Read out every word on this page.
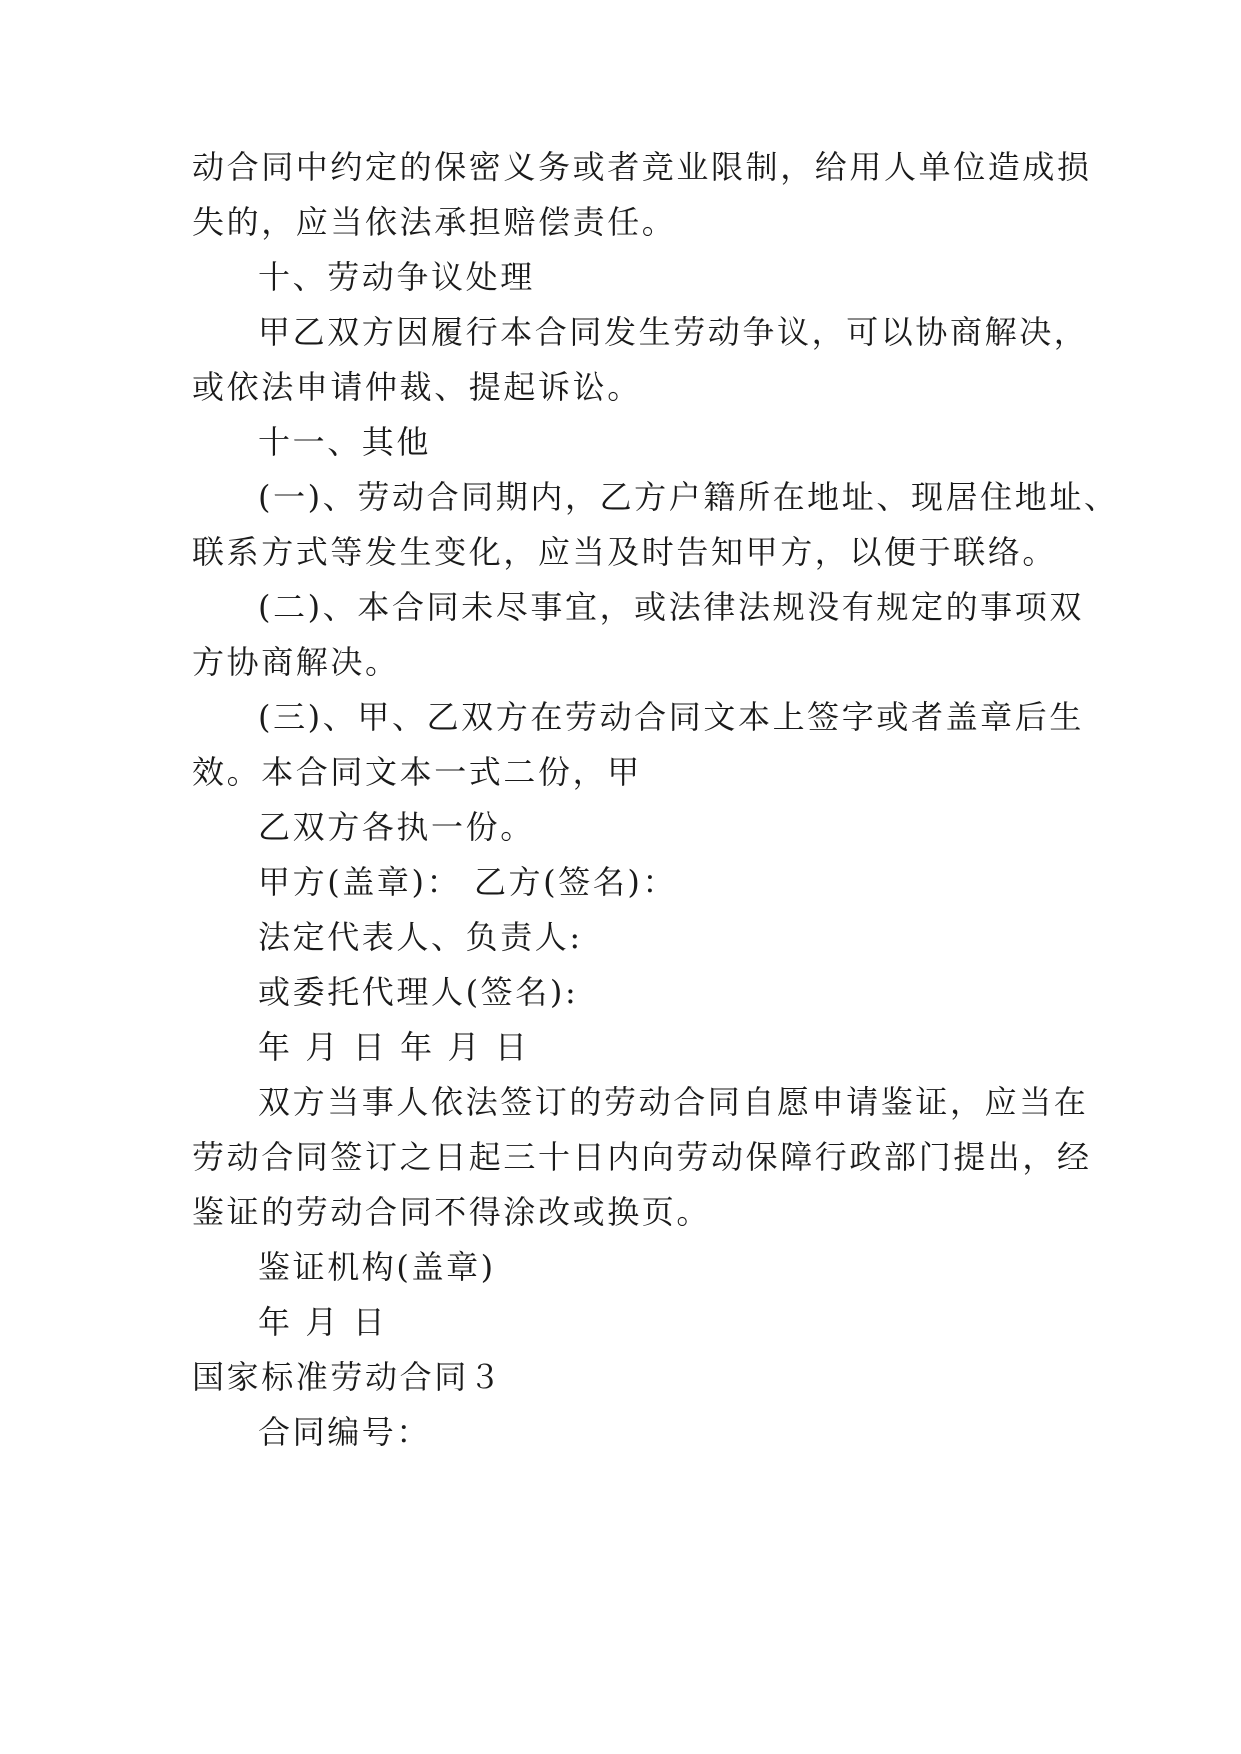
动合同中约定的保密义务或者竞业限制，给用人单位造成损
失的，应当依法承担赔偿责任。
十、劳动争议处理
甲乙双方因履行本合同发生劳动争议，可以协商解决，
或依法申请仲裁、提起诉讼。
十一、其他
(一)、劳动合同期内，乙方户籍所在地址、现居住地址、
联系方式等发生变化，应当及时告知甲方，以便于联络。
(二)、本合同未尽事宜，或法律法规没有规定的事项双
方协商解决。
(三)、甲、乙双方在劳动合同文本上签字或者盖章后生
效。本合同文本一式二份，甲
乙双方各执一份。
甲方(盖章)： 乙方(签名)：
法定代表人、负责人:
或委托代理人(签名):
年 月 日 年 月 日
双方当事人依法签订的劳动合同自愿申请鉴证，应当在
劳动合同签订之日起三十日内向劳动保障行政部门提出，经
鉴证的劳动合同不得涂改或换页。
鉴证机构(盖章)
年 月 日
国家标准劳动合同３
合同编号：
